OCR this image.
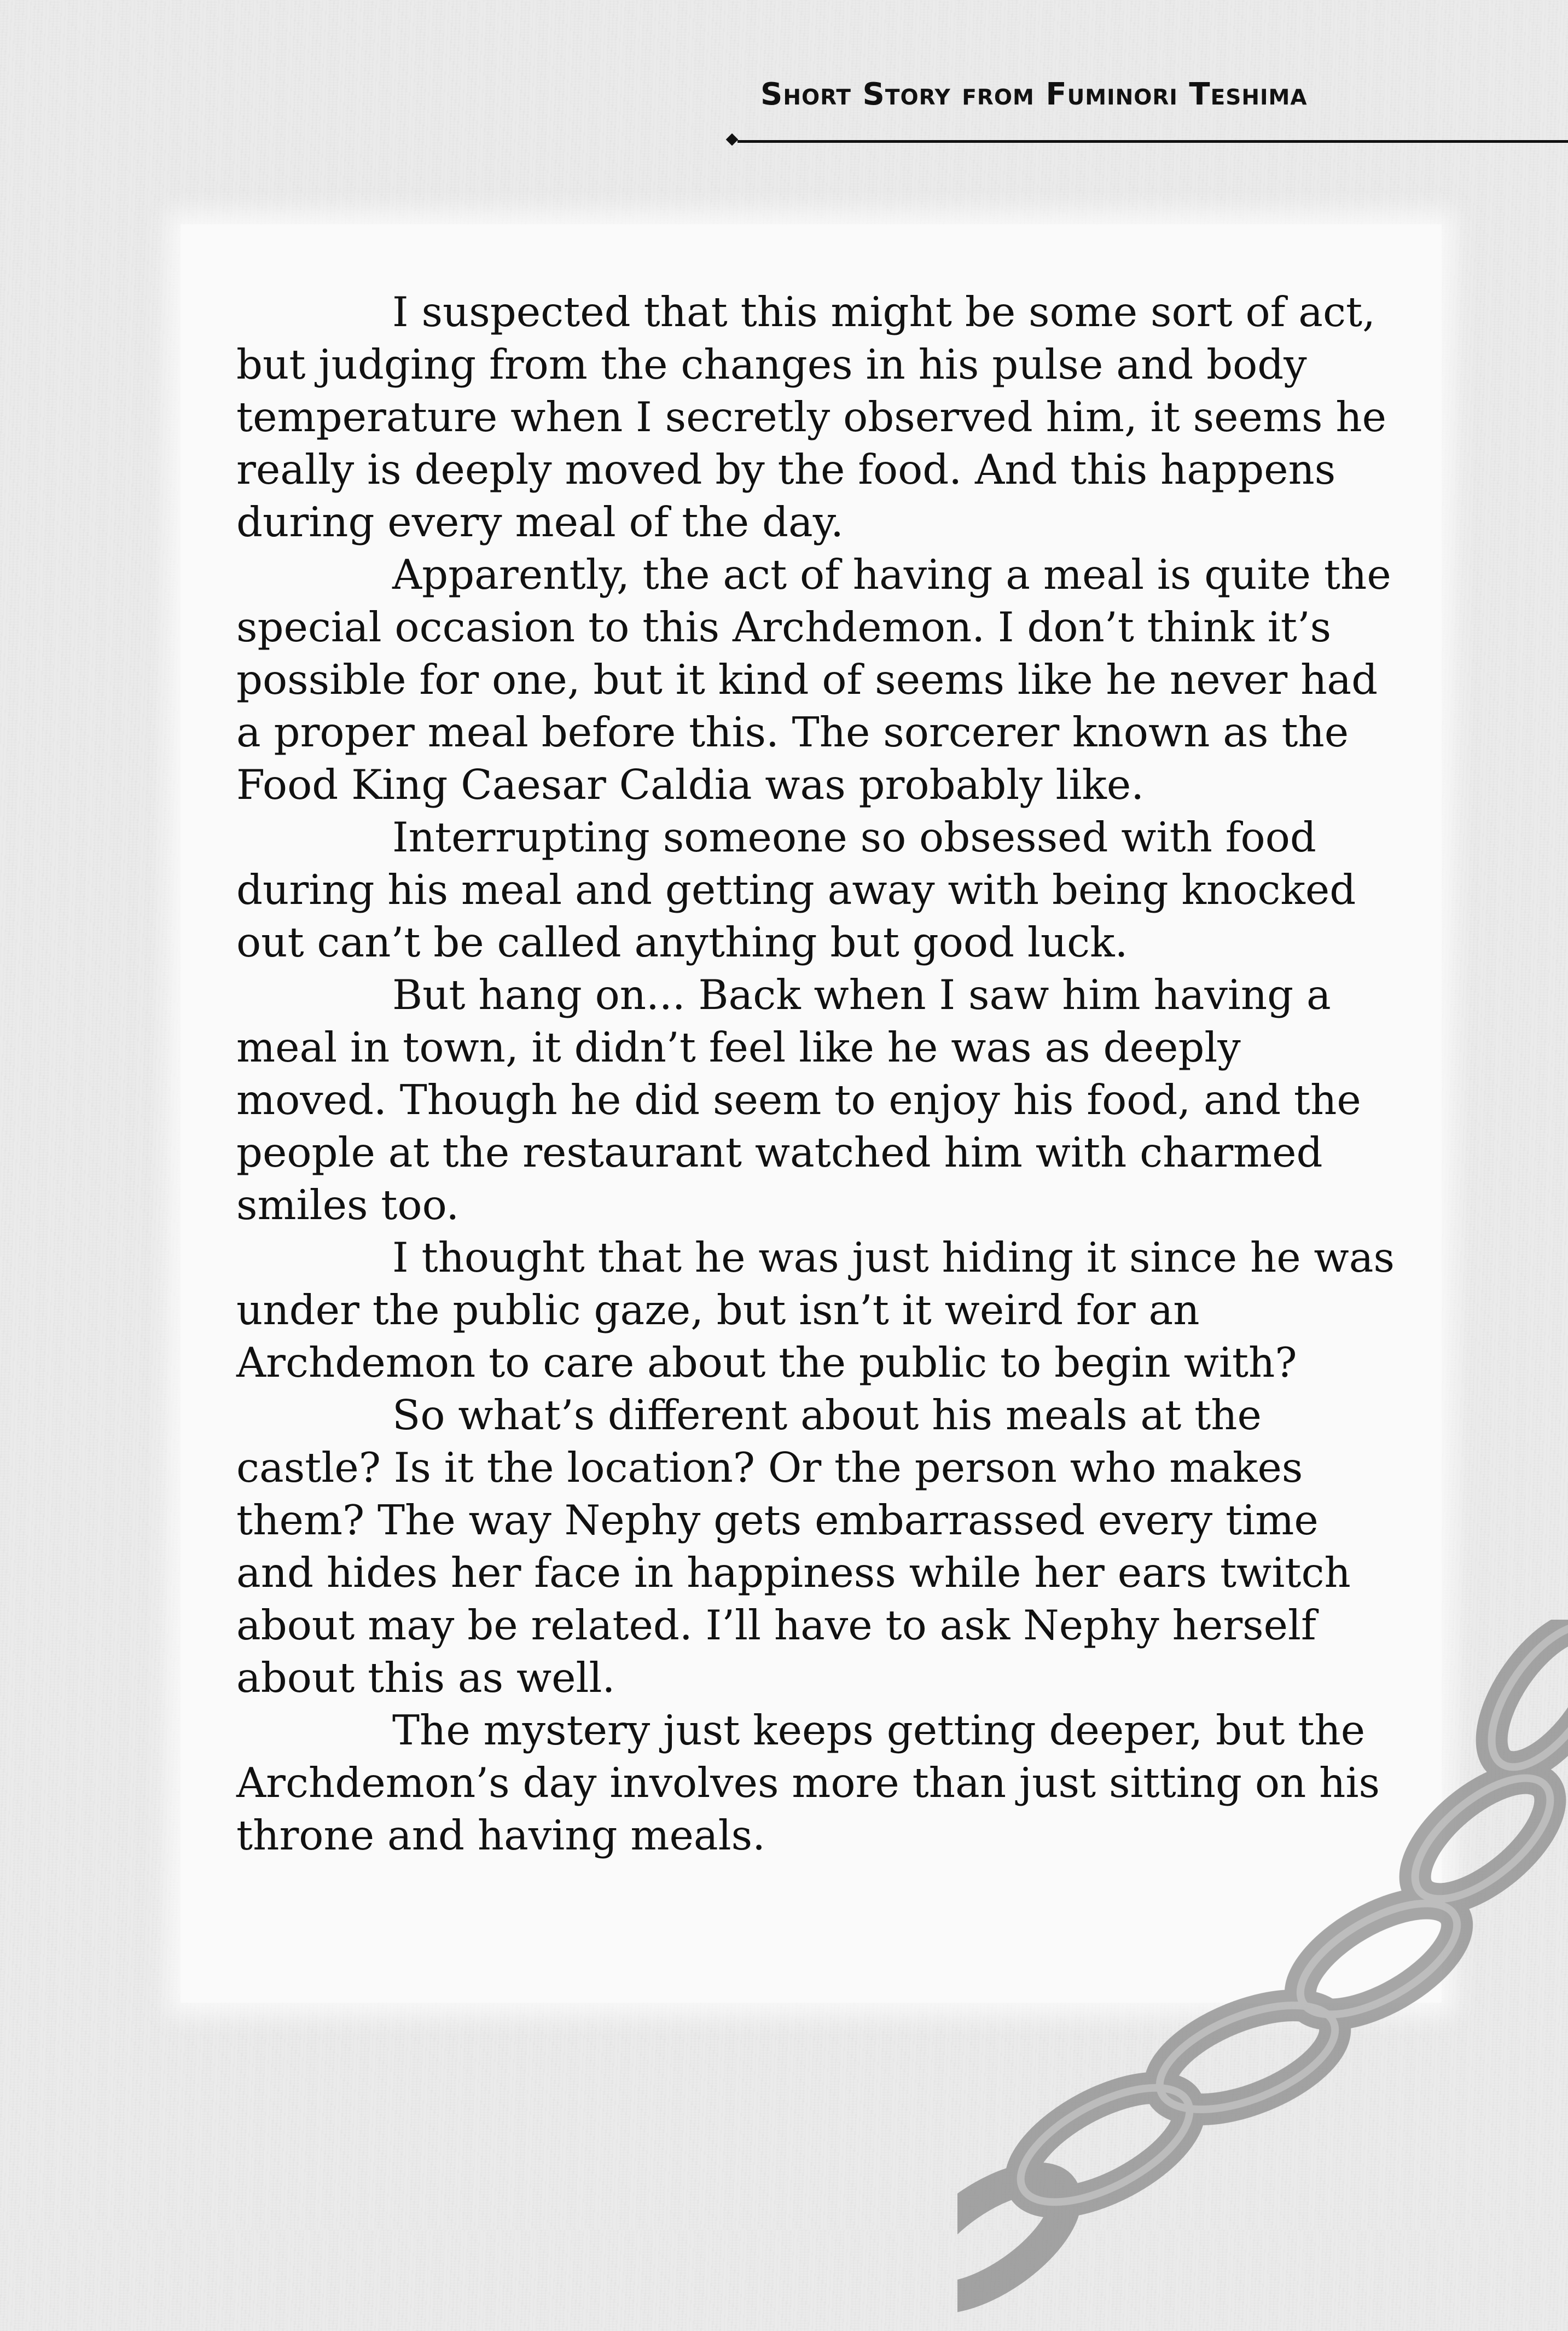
Short Story from Fuminori Teshima

I suspected that this might be some sort of act, but judging from the changes in his pulse and body temperature when I secretly observed him, it seems he really is deeply moved by the food. And this happens during every meal of the day.

Apparently, the act of having a meal is quite the special occasion to this Archdemon. I don’t think it’s possible for one, but it kind of seems like he never had a proper meal before this. The sorcerer known as the Food King Caesar Caldia was probably like.

Interrupting someone so obsessed with food during his meal and getting away with being knocked out can’t be called anything but good luck.

But hang on... Back when I saw him having a meal in town, it didn’t feel like he was as deeply moved. Though he did seem to enjoy his food, and the people at the restaurant watched him with charmed smiles too.

I thought that he was just hiding it since he was under the public gaze, but isn’t it weird for an Archdemon to care about the public to begin with?

So what’s different about his meals at the castle? Is it the location? Or the person who makes them? The way Nephy gets embarrassed every time and hides her face in happiness while her ears twitch about may be related. I’ll have to ask Nephy herself about this as well.

The mystery just keeps getting deeper, but the Archdemon’s day involves more than just sitting on his throne and having meals.
